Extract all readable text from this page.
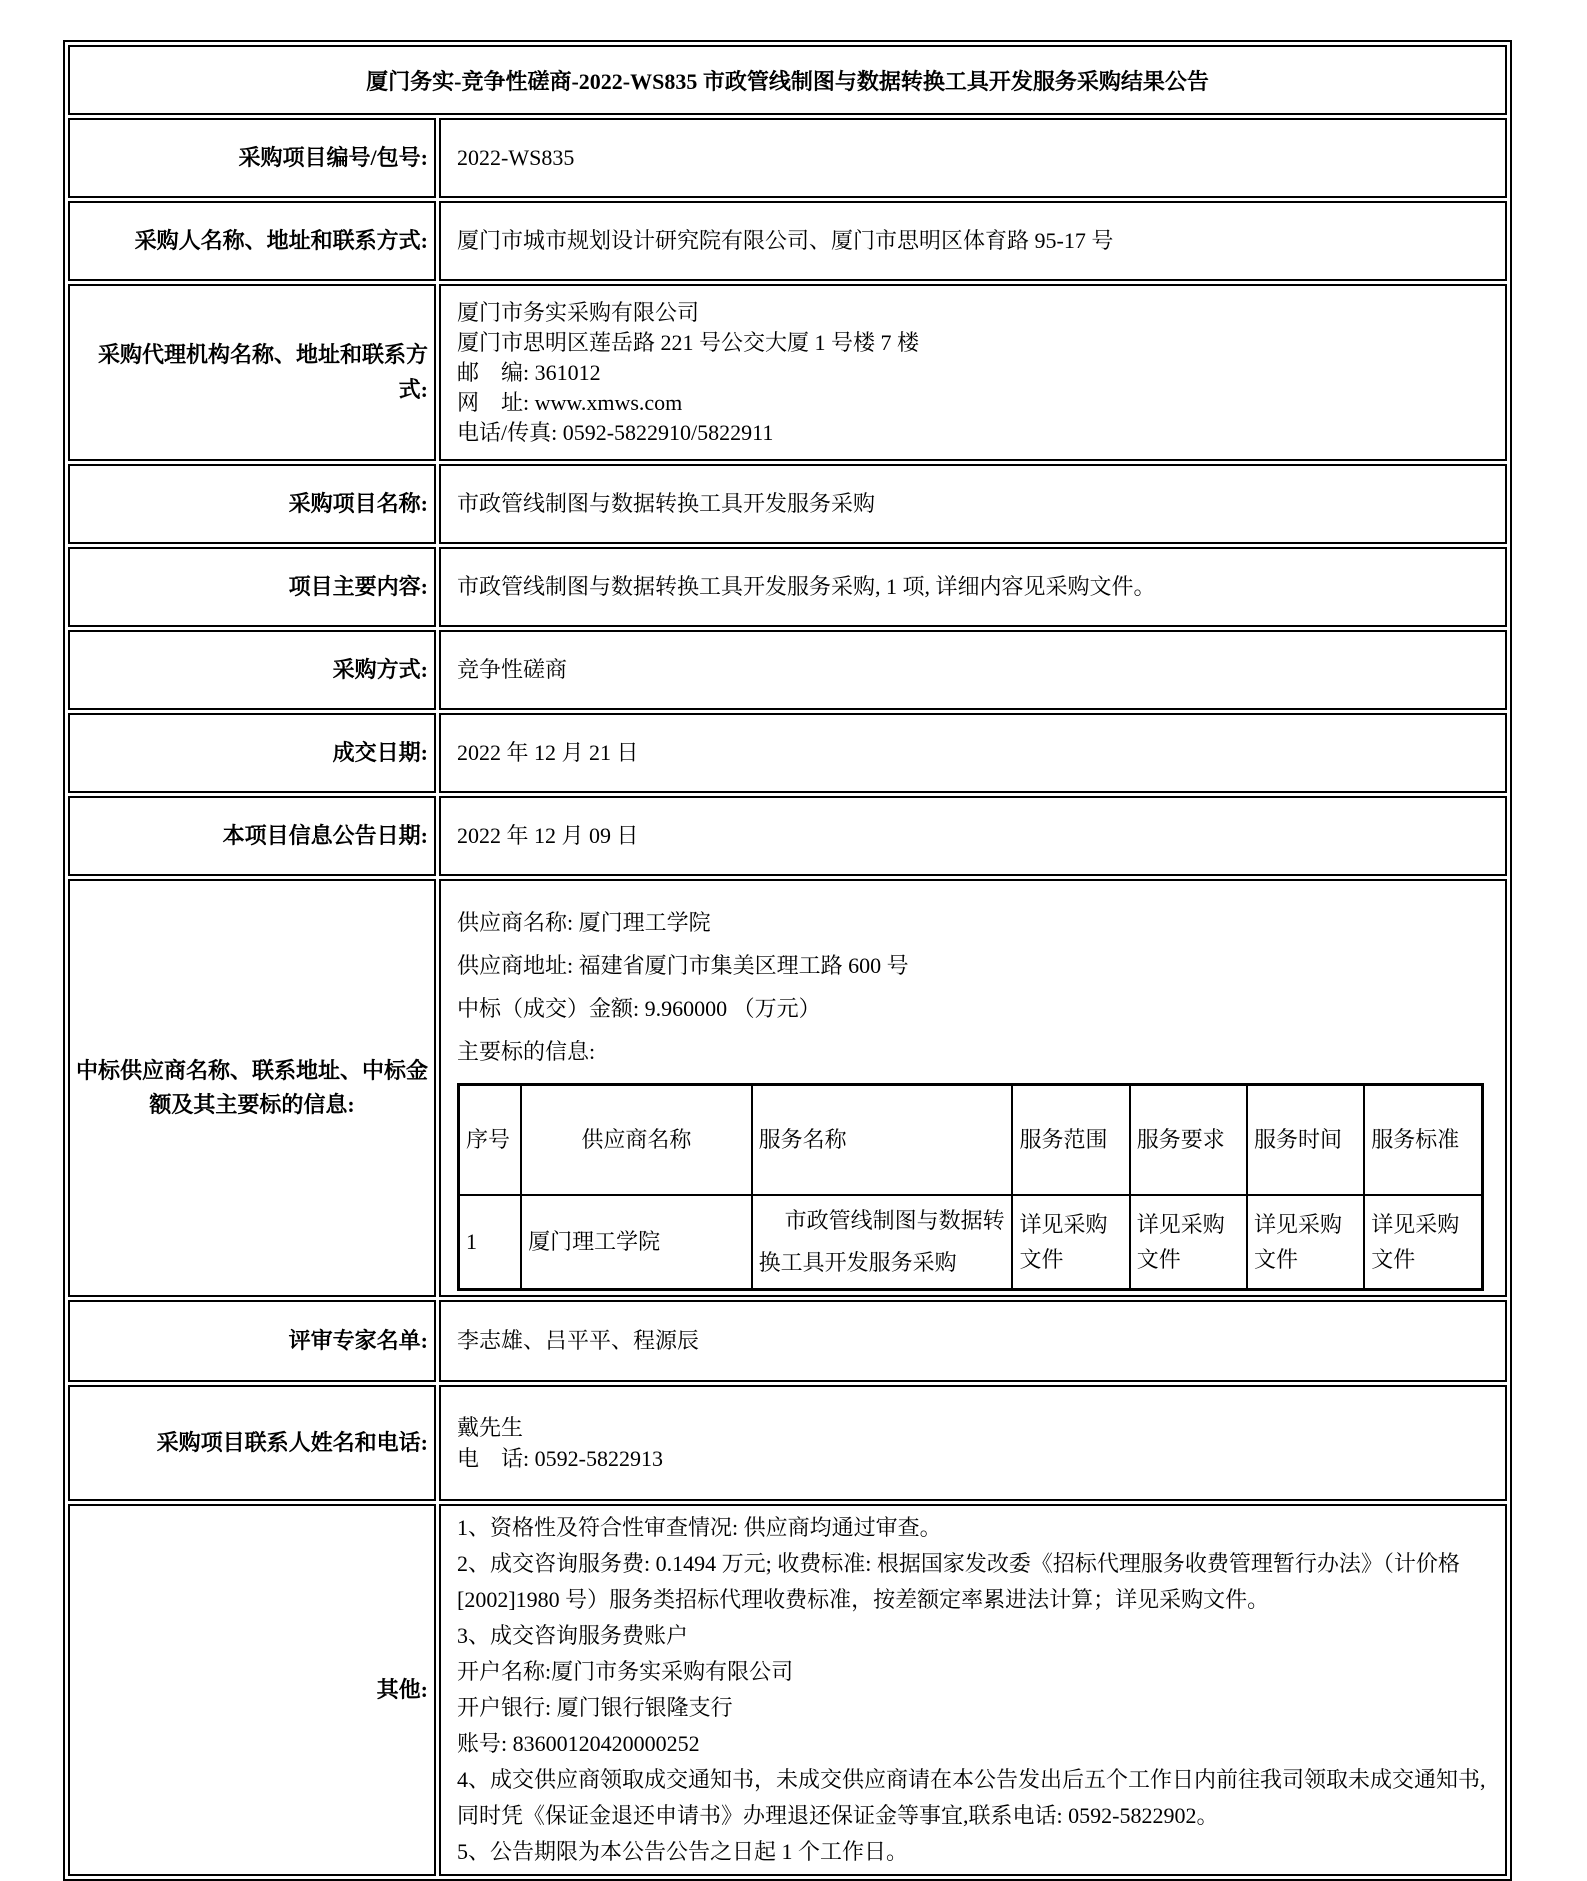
厦门务实-竞争性磋商-2022-WS835 市政管线制图与数据转换工具开发服务采购结果公告
采购项目编号/包号:	2022-WS835
采购人名称、地址和联系方式:	厦门市城市规划设计研究院有限公司、厦门市思明区体育路 95-17 号
采购代理机构名称、地址和联系方式:	
厦门市务实采购有限公司
厦门市思明区莲岳路 221 号公交大厦 1 号楼 7 楼
邮　编: 361012
网　址: www.xmws.com
电话/传真: 0592-5822910/5822911

采购项目名称:	市政管线制图与数据转换工具开发服务采购
项目主要内容:	市政管线制图与数据转换工具开发服务采购, 1 项, 详细内容见采购文件。
采购方式:	竞争性磋商
成交日期:	2022 年 12 月 21 日
本项目信息公告日期:	2022 年 12 月 09 日
中标供应商名称、联系地址、中标金额及其主要标的信息:	
供应商名称: 厦门理工学院
供应商地址: 福建省厦门市集美区理工路 600 号
中标（成交）金额: 9.960000 （万元）
主要标的信息:
序号	供应商名称	服务名称	服务范围	服务要求	服务时间	服务标准
1	厦门理工学院	市政管线制图与数据转换工具开发服务采购	详见采购文件	详见采购文件	详见采购文件	详见采购文件

评审专家名单:	李志雄、吕平平、程源辰
采购项目联系人姓名和电话:	
戴先生
电　话: 0592-5822913

其他:	
1、资格性及符合性审查情况: 供应商均通过审查。
2、成交咨询服务费: 0.1494 万元; 收费标准: 根据国家发改委《招标代理服务收费管理暂行办法》（计价格[2002]1980 号）服务类招标代理收费标准，按差额定率累进法计算；详见采购文件。
3、成交咨询服务费账户
开户名称:厦门市务实采购有限公司
开户银行: 厦门银行银隆支行
账号: 83600120420000252
4、成交供应商领取成交通知书，未成交供应商请在本公告发出后五个工作日内前往我司领取未成交通知书,同时凭《保证金退还申请书》办理退还保证金等事宜,联系电话: 0592-5822902。
5、公告期限为本公告公告之日起 1 个工作日。
